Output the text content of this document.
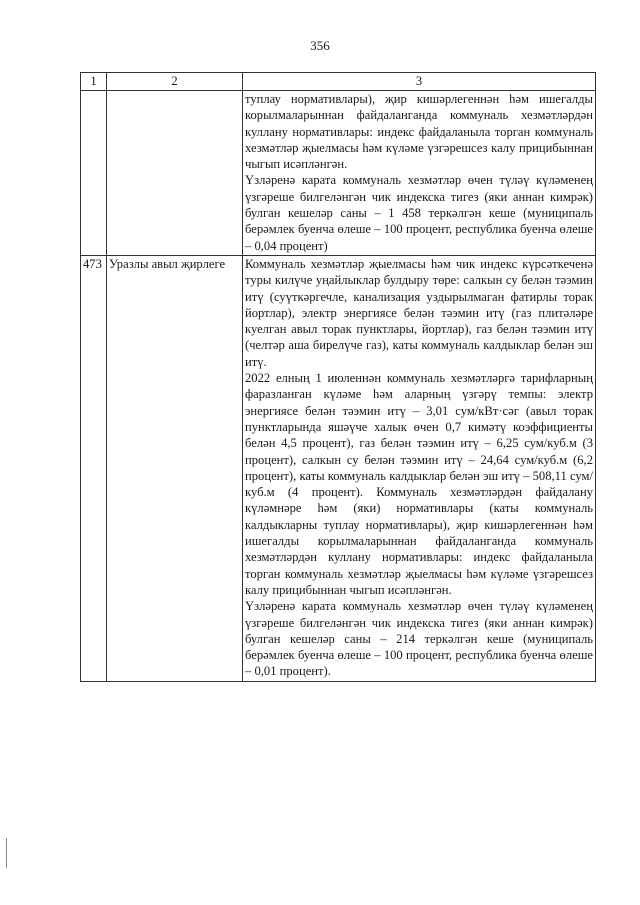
356
1	2	3

		туплау нормативлары), җир кишәрлегеннән һәм ишегалды корылмаларыннан файдаланганда коммуналь хезмәтләрдән куллану нормативлары: индекс файдаланыла торган коммуналь хезмәтләр җыелмасы һәм күләме үзгәрешсез калу прицибыннан чыгып исәпләнгән.

Үзләренә карата коммуналь хезмәтләр өчен түләү күләменең үзгәреше билгеләнгән чик индекска тигез (яки аннан кимрәк) булган кешеләр саны – 1 458 теркәлгән кеше (муниципаль берәмлек буенча өлеше – 100 процент, республика буенча өлеше – 0,04 процент)

473	Уразлы авыл җирлеге	Коммуналь хезмәтләр җыелмасы һәм чик индекс күрсәткеченә туры килүче уңайлыклар булдыру төре: салкын су белән тәэмин итү (суүткәргечле, канализация уздырылмаган фатирлы торак йортлар), электр энергиясе белән тәэмин итү (газ плитәләре куелган авыл торак пунктлары, йортлар), газ белән тәэмин итү (челтәр аша бирелүче газ), каты коммуналь калдыклар белән эш итү.

2022 елның 1 июленнән коммуналь хезмәтләргә тарифларның фаразланган күләме һәм аларның үзгәрү темпы: электр энергиясе белән тәэмин итү – 3,01 сум/кВт·сәг (авыл торак пунктларында яшәүче халык өчен 0,7 кимәтү коэффициенты белән 4,5 процент), газ белән тәэмин итү – 6,25 сум/куб.м (3 процент), салкын су белән тәэмин итү – 24,64 сум/куб.м (6,2 процент), каты коммуналь калдыклар белән эш итү – 508,11 сум/куб.м (4 процент). Коммуналь хезмәтләрдән файдалану күләмнәре һәм (яки) нормативлары (каты коммуналь калдыкларны туплау нормативлары), җир кишәрлегеннән һәм ишегалды корылмаларыннан файдаланганда коммуналь хезмәтләрдән куллану нормативлары: индекс файдаланыла торган коммуналь хезмәтләр җыелмасы һәм күләме үзгәрешсез калу прицибыннан чыгып исәпләнгән.

Үзләренә карата коммуналь хезмәтләр өчен түләү күләменең үзгәреше билгеләнгән чик индекска тигез (яки аннан кимрәк) булган кешеләр саны – 214 теркәлгән кеше (муниципаль берәмлек буенча өлеше – 100 процент, республика буенча өлеше – 0,01 процент).
